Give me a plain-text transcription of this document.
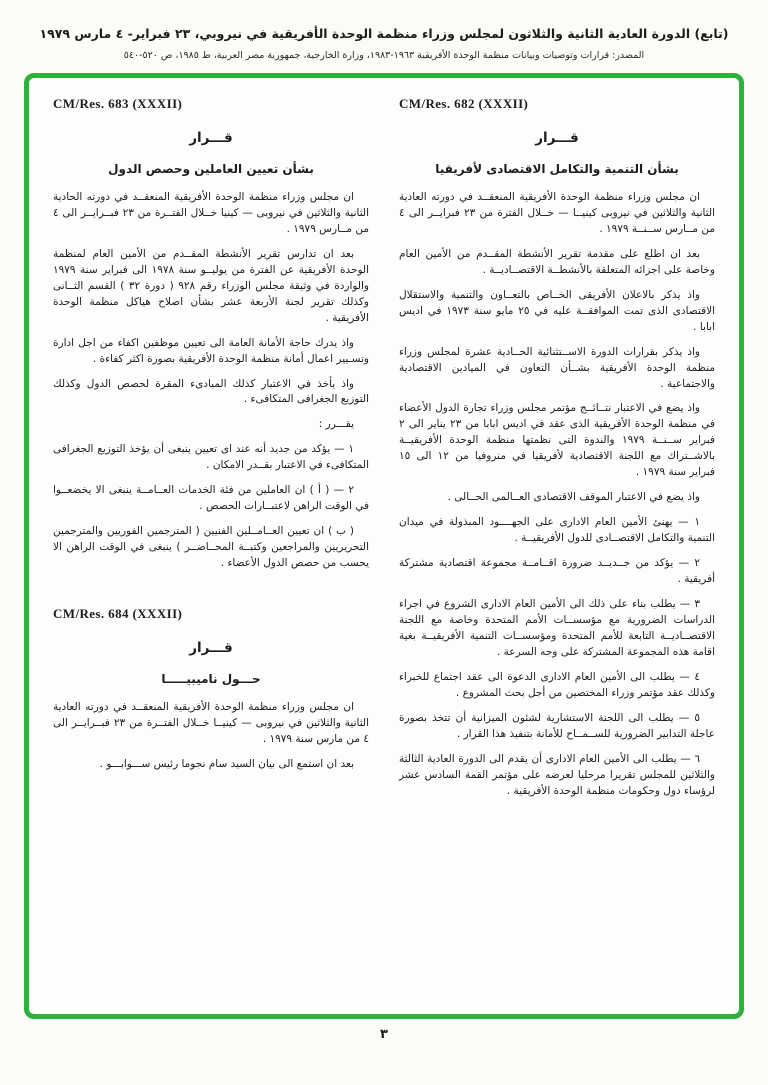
(تابع) الدورة العادية الثانية والثلاثون لمجلس وزراء منظمة الوحدة الأفريقية في نيروبي، ٢٣ فبراير- ٤ مارس ١٩٧٩
المصدر: قرارات وتوصيات وبيانات منظمة الوحدة الأفريقية ١٩٦٣-١٩٨٣، وزارة الخارجية، جمهورية مصر العربية، ط ١٩٨٥، ص ٥٢٠-٥٤٠
CM/Res. 682 (XXXII)
قـــرار
بشأن التنمية والتكامل الاقتصادى لأفريقيا

ان مجلس وزراء منظمة الوحدة الأفريقية المنعقــد في دورته العادية الثانية والثلاثين في نيروبى كينيــا — خــلال الفترة من ٢٣ فبرايــر الى ٤ من مــارس ســنــة ١٩٧٩ .

بعد ان اطلع على مقدمة تقرير الأنشطة المقــدم من الأمين العام وخاصة على اجزائه المتعلقة بالأنشطــة الاقتصــاديــة .

واذ يذكر بالاعلان الأفريقى الخــاص بالتعــاون والتنمية والاستقلال الاقتصادى الذى تمت الموافقــة عليه في ٢٥ مايو سنة ١٩٧٣ في اديس ابابا .

واذ يذكر بقرارات الدورة الاســتثنائية الحــادية عشرة لمجلس وزراء منظمة الوحدة الأفريقية بشــأن التعاون في الميادين الاقتصادية والاجتماعية .

واذ يضع في الاعتبار نتــائــج مؤتمر مجلس وزراء تجارة الدول الأعضاء في منظمة الوحدة الأفريقية الذى عقد في اديس ابابا من ٢٣ يناير الى ٢ فبراير ســنــة ١٩٧٩ والندوة التى نظمتها منظمة الوحدة الأفريقيــة بالاشــتراك مع اللجنة الاقتصادية لأفريقيا في منروفيا من ١٢ الى ١٥ فبراير سنة ١٩٧٩ .

واذ يضع في الاعتبار الموقف الاقتصادى العــالمى الحــالى .

١ — يهنئ الأمين العام الادارى على الجهــــود المبذولة في ميدان التنمية والتكامل الاقتصــادى للدول الأفريقيــة .

٢ — يؤكد من جــديــد ضرورة اقــامــة مجموعة اقتصادية مشتركة أفريقية .

٣ — يطلب بناء على ذلك الى الأمين العام الادارى الشروع في اجراء الدراسات الضرورية مع مؤسســات الأمم المتحدة وخاصة مع اللجنة الاقتصــاديــة التابعة للأمم المتحدة ومؤسســات التنمية الأفريقيــة بغية اقامة هذه المجموعة المشتركة على وجه السرعة .

٤ — يطلب الى الأمين العام الادارى الدعوة الى عقد اجتماع للخبراء وكذلك عقد مؤتمر وزراء المختصين من أجل بحث المشروع .

٥ — يطلب الى اللجنة الاستشارية لشئون الميزانية أن تتخذ بصورة عاجلة التدابير الضرورية للســمــاح للأمانة بتنفيذ هذا القرار .

٦ — يطلب الى الأمين العام الادارى أن يقدم الى الدورة العادية الثالثة والثلاثين للمجلس تقريرا مرحليا لعرضه على مؤتمر القمة السادس عشر لرؤساء دول وحكومات منظمة الوحدة الأفريقية .

CM/Res. 683 (XXXII)
قـــرار
بشأن تعيين العاملين وحصص الدول

ان مجلس وزراء منظمة الوحدة الأفريقية المنعقــد في دورته الحادية الثانية والثلاثين في نيروبى — كينيا خــلال الفتــرة من ٢٣ فبــرايــر الى ٤ من مــارس ١٩٧٩ .

بعد ان تدارس تقرير الأنشطة المقــدم من الأمين العام لمنظمة الوحدة الأفريقية عن الفترة من يوليــو سنة ١٩٧٨ الى فبراير سنة ١٩٧٩ والواردة في وثيقة مجلس الوزراء رقم ٩٢٨ ( دورة ٣٢ ) القسم الثــانى وكذلك تقرير لجنة الأربعة عشر بشأن اصلاح هياكل منظمة الوحدة الأفريقية .

واذ يدرك حاجة الأمانة العامة الى تعيين موظفين اكفاء من اجل ادارة وتسـيير اعمال أمانة منظمة الوحدة الأفريقية بصورة اكثر كفاءة .

واذ يأخذ في الاعتبار كذلك المبادىء المقرة لحصص الدول وكذلك التوزيع الجغرافى المتكافىء .

يقـــرر :

١ — يؤكد من جديد أنه عند اى تعيين ينبغى أن يؤخذ التوزيع الجغرافى المتكافىء في الاعتبار بقــدر الامكان .

٢ — ( أ ) ان العاملين من فئة الخدمات العــامــة ينبغى الا يخضعــوا في الوقت الراهن لاعتبــارات الحصص .

( ب ) ان تعيين العــامــلين الفنيين ( المترجمين الفوريين والمترجمين التحريريين والمراجعين وكتبــة المحــاضــر ) ينبغى في الوقت الراهن الا يحسب من حصص الدول الأعضاء .

CM/Res. 684 (XXXII)
قـــرار
حـــول ناميبيـــــا

ان مجلس وزراء منظمة الوحدة الأفريقية المنعقــد في دورته العادية الثانية والثلاثين في نيروبى — كينيــا خــلال الفتــرة من ٢٣ فبــرايــر الى ٤ من مارس سنة ١٩٧٩ .

بعد ان استمع الى بيان السيد سام نجوما رئيس ســـوابـــو .

٣
